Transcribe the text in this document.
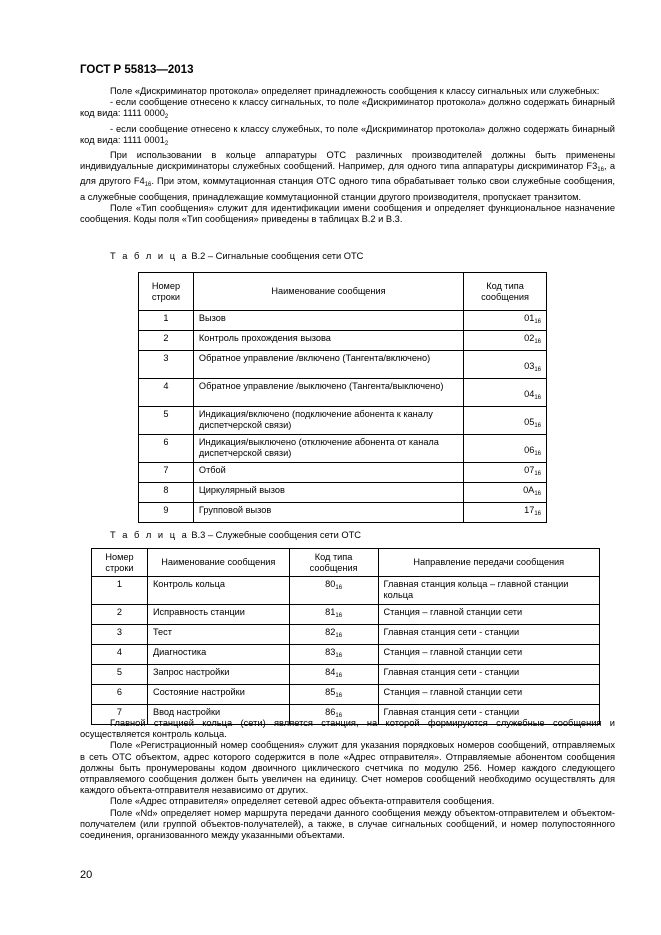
ГОСТ Р 55813—2013

Поле «Дискриминатор протокола» определяет принадлежность сообщения к классу сигнальных или служебных:

- если сообщение отнесено к классу сигнальных, то поле «Дискриминатор протокола» должно содержать бинарный код вида: 1111 $0000_2$

- если сообщение отнесено к классу служебных, то поле «Дискриминатор протокола» должно содержать бинарный код вида: 1111 $0001_2$

При использовании в кольце аппаратуры ОТС различных производителей должны быть применены индивидуальные дискриминаторы служебных сообщений. Например, для одного типа аппаратуры дискриминатор $F3_{16}$, а для другого $F4_{16}$. При этом, коммутационная станция ОТС одного типа обрабатывает только свои служебные сообщения, а служебные сообщения, принадлежащие коммутационной станции другого производителя, пропускает транзитом.

Поле «Тип сообщения» служит для идентификации имени сообщения и определяет функциональное назначение сообщения. Коды поля «Тип сообщения» приведены в таблицах В.2 и В.3.

Т а б л и ц а В.2 – Сигнальные сообщения сети ОТС
Номер строки	Наименование сообщения	Код типа сообщения
1	Вызов	$01_{16}$
2	Контроль прохождения вызова	$02_{16}$
3	Обратное управление /включено (Тангента/включено)	$03_{16}$
4	Обратное управление /выключено (Тангента/выключено)	$04_{16}$
5	Индикация/включено (подключение абонента к каналу диспетчерской связи)	$05_{16}$
6	Индикация/выключено (отключение абонента от канала диспетчерской связи)	$06_{16}$
7	Отбой	$07_{16}$
8	Циркулярный вызов	$0A_{16}$
9	Групповой вызов	$17_{16}$
Т а б л и ц а В.3 – Служебные сообщения сети ОТС
Номер строки	Наименование сообщения	Код типа сообщения	Направление передачи сообщения
1	Контроль кольца	$80_{16}$	Главная станция кольца – главной станции кольца
2	Исправность станции	$81_{16}$	Станция – главной станции сети
3	Тест	$82_{16}$	Главная станция сети - станции
4	Диагностика	$83_{16}$	Станция – главной станции сети
5	Запрос настройки	$84_{16}$	Главная станция сети - станции
6	Состояние настройки	$85_{16}$	Станция – главной станции сети
7	Ввод настройки	$86_{16}$	Главная станция сети - станции

Главной станцией кольца (сети) является станция, на которой формируются служебные сообщения и осуществляется контроль кольца.

Поле «Регистрационный номер сообщения» служит для указания порядковых номеров сообщений, отправляемых в сеть ОТС объектом, адрес которого содержится в поле «Адрес отправителя». Отправляемые абонентом сообщения должны быть пронумерованы кодом двоичного циклического счетчика по модулю 256. Номер каждого следующего отправляемого сообщения должен быть увеличен на единицу. Счет номеров сообщений необходимо осуществлять для каждого объекта-отправителя независимо от других.

Поле «Адрес отправителя» определяет сетевой адрес объекта-отправителя сообщения.

Поле «Nd» определяет номер маршрута передачи данного сообщения между объектом-отправителем и объектом-получателем (или группой объектов-получателей), а также, в случае сигнальных сообщений, и номер полупостоянного соединения, организованного между указанными объектами.

20
